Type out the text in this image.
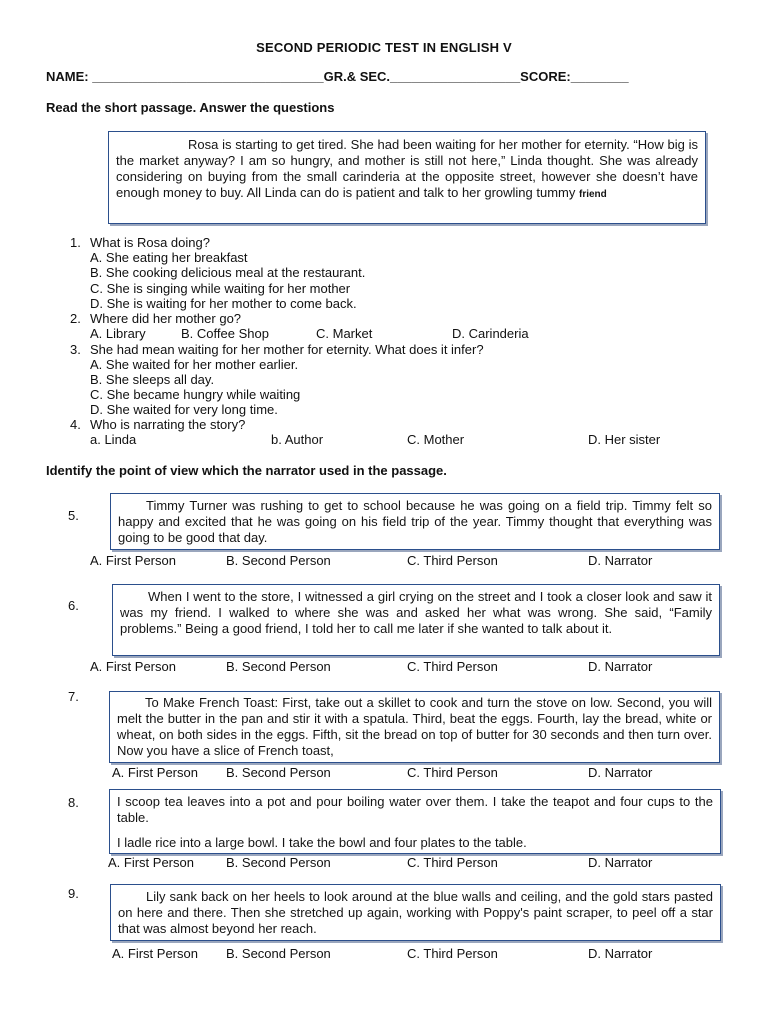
SECOND PERIODIC TEST IN ENGLISH V
NAME: ________________________________GR.& SEC.__________________SCORE:________
Read the short passage. Answer the questions

Rosa is starting to get tired. She had been waiting for her mother for eternity. “How big is the market anyway? I am so hungry, and mother is still not here,” Linda thought. She was already considering on buying from the small carinderia at the opposite street, however she doesn’t have enough money to buy. All Linda can do is patient and talk to her growling tummy friend

1. What is Rosa doing?
A. She eating her breakfast
B. She cooking delicious meal at the restaurant.
C. She is singing while waiting for her mother
D. She is waiting for her mother to come back.
2. Where did her mother go?
A. Library	B. Coffee Shop	C. Market	D. Carinderia
3. She had mean waiting for her mother for eternity. What does it infer?
A. She waited for her mother earlier.
B. She sleeps all day.
C. She became hungry while waiting
D. She waited for very long time.
4. Who is narrating the story?
a. Linda	b. Author	C. Mother	D. Her sister
Identify the point of view which the narrator used in the passage.
5.

Timmy Turner was rushing to get to school because he was going on a field trip. Timmy felt so happy and excited that he was going on his field trip of the year. Timmy thought that everything was going to be good that day.

A. First Person	B. Second Person	C. Third Person	D. Narrator
6.

When I went to the store, I witnessed a girl crying on the street and I took a closer look and saw it was my friend. I walked to where she was and asked her what was wrong. She said, “Family problems.” Being a good friend, I told her to call me later if she wanted to talk about it.

A. First Person	B. Second Person	C. Third Person	D. Narrator
7.	To Make French Toast: First, take out a skillet to cook and turn the stove on low. Second, you will melt the butter in the pan and stir it with a spatula. Third, beat the eggs. Fourth, lay the bread, white or wheat, on both sides in the eggs. Fifth, sit the bread on top of butter for 30 seconds and then turn over. Now you have a slice of French toast,

A. First Person B. Second Person	C. Third Person	D. Narrator
8.	I scoop tea leaves into a pot and pour boiling water over them. I take the teapot and four cups to the table.

I ladle rice into a large bowl. I take the bowl and four plates to the table.

A. First Person B. Second Person	C. Third Person	D. Narrator
9.	Lily sank back on her heels to look around at the blue walls and ceiling, and the gold stars pasted on here and there. Then she stretched up again, working with Poppy's paint scraper, to peel off a star that was almost beyond her reach.

A. First Person B. Second Person	C. Third Person	D. Narrator
